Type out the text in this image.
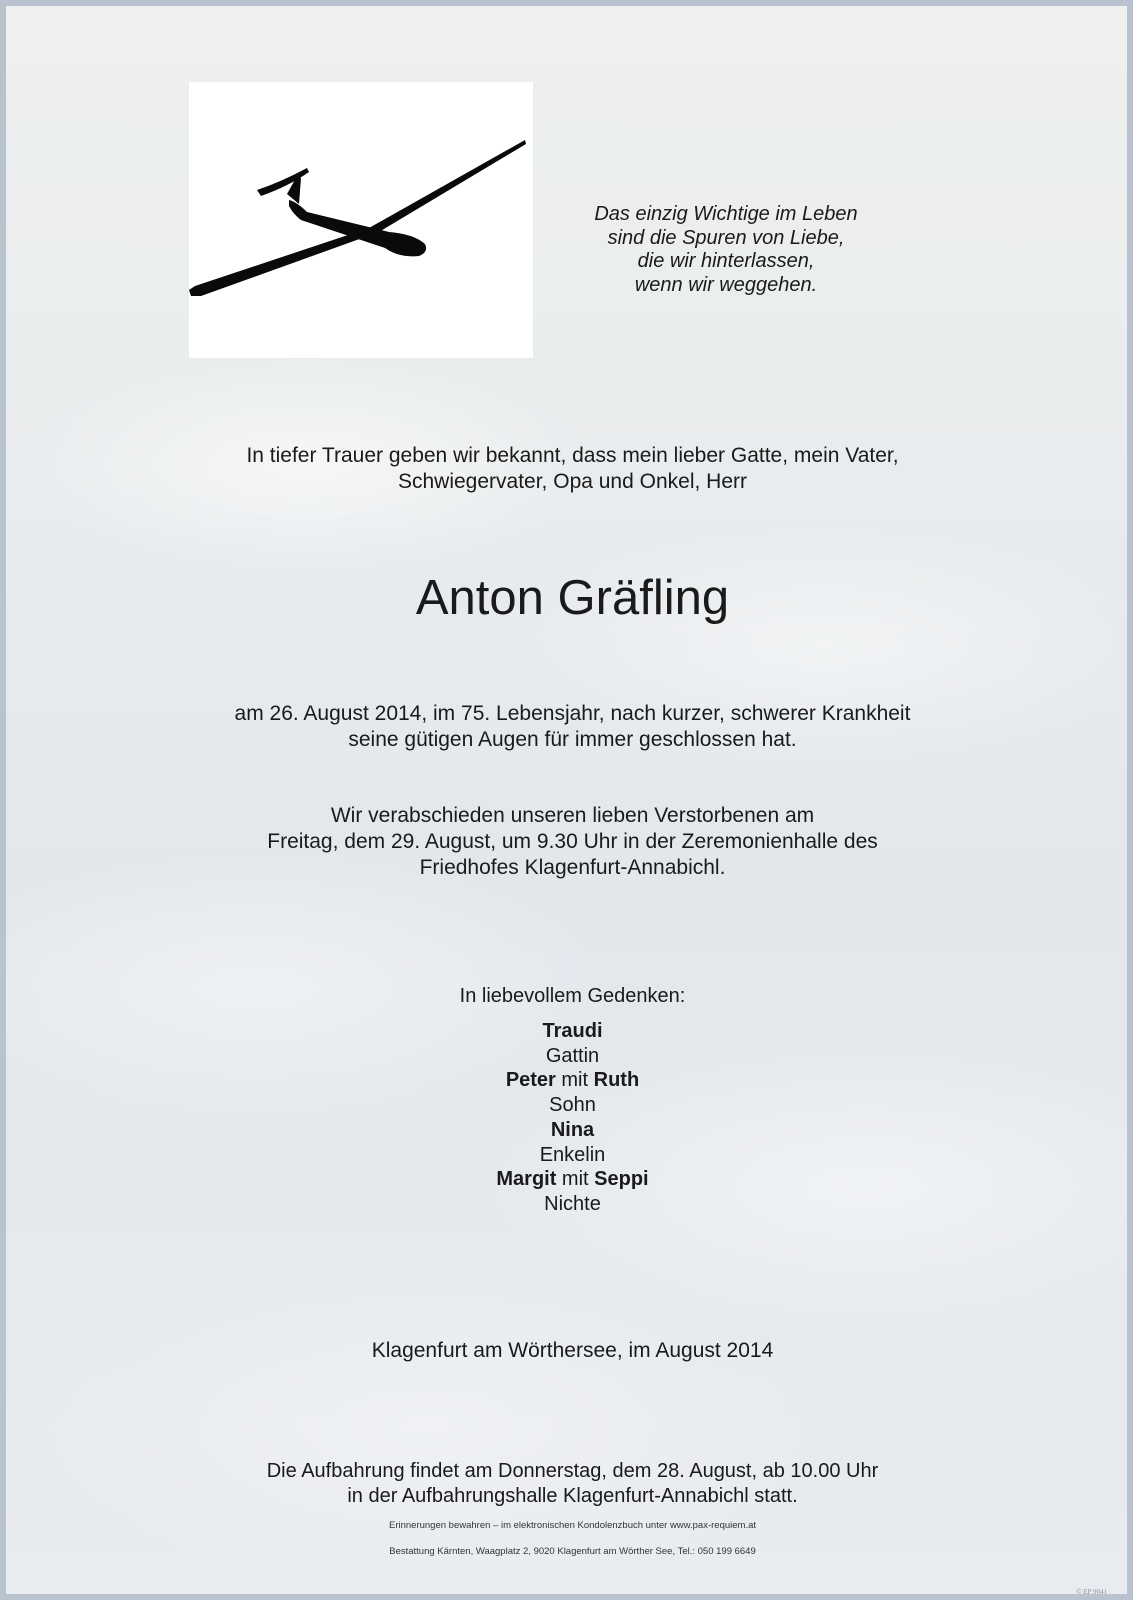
Das einzig Wichtige im Leben
sind die Spuren von Liebe,
die wir hinterlassen,
wenn wir weggehen.
In tiefer Trauer geben wir bekannt, dass mein lieber Gatte, mein Vater,
Schwiegervater, Opa und Onkel, Herr
Anton Gräfling
am 26. August 2014, im 75. Lebensjahr, nach kurzer, schwerer Krankheit
seine gütigen Augen für immer geschlossen hat.
Wir verabschieden unseren lieben Verstorbenen am
Freitag, dem 29. August, um 9.30 Uhr in der Zeremonienhalle des
Friedhofes Klagenfurt-Annabichl.
In liebevollem Gedenken:
Traudi
Gattin
Peter mit Ruth
Sohn
Nina
Enkelin
Margit mit Seppi
Nichte
Klagenfurt am Wörthersee, im August 2014
Die Aufbahrung findet am Donnerstag, dem 28. August, ab 10.00 Uhr
in der Aufbahrungshalle Klagenfurt-Annabichl statt.
Erinnerungen bewahren – im elektronischen Kondolenzbuch unter www.pax-requiem.at
Bestattung Kärnten, Waagplatz 2, 9020 Klagenfurt am Wörther See, Tel.: 050 199 6649
© EP 9041
